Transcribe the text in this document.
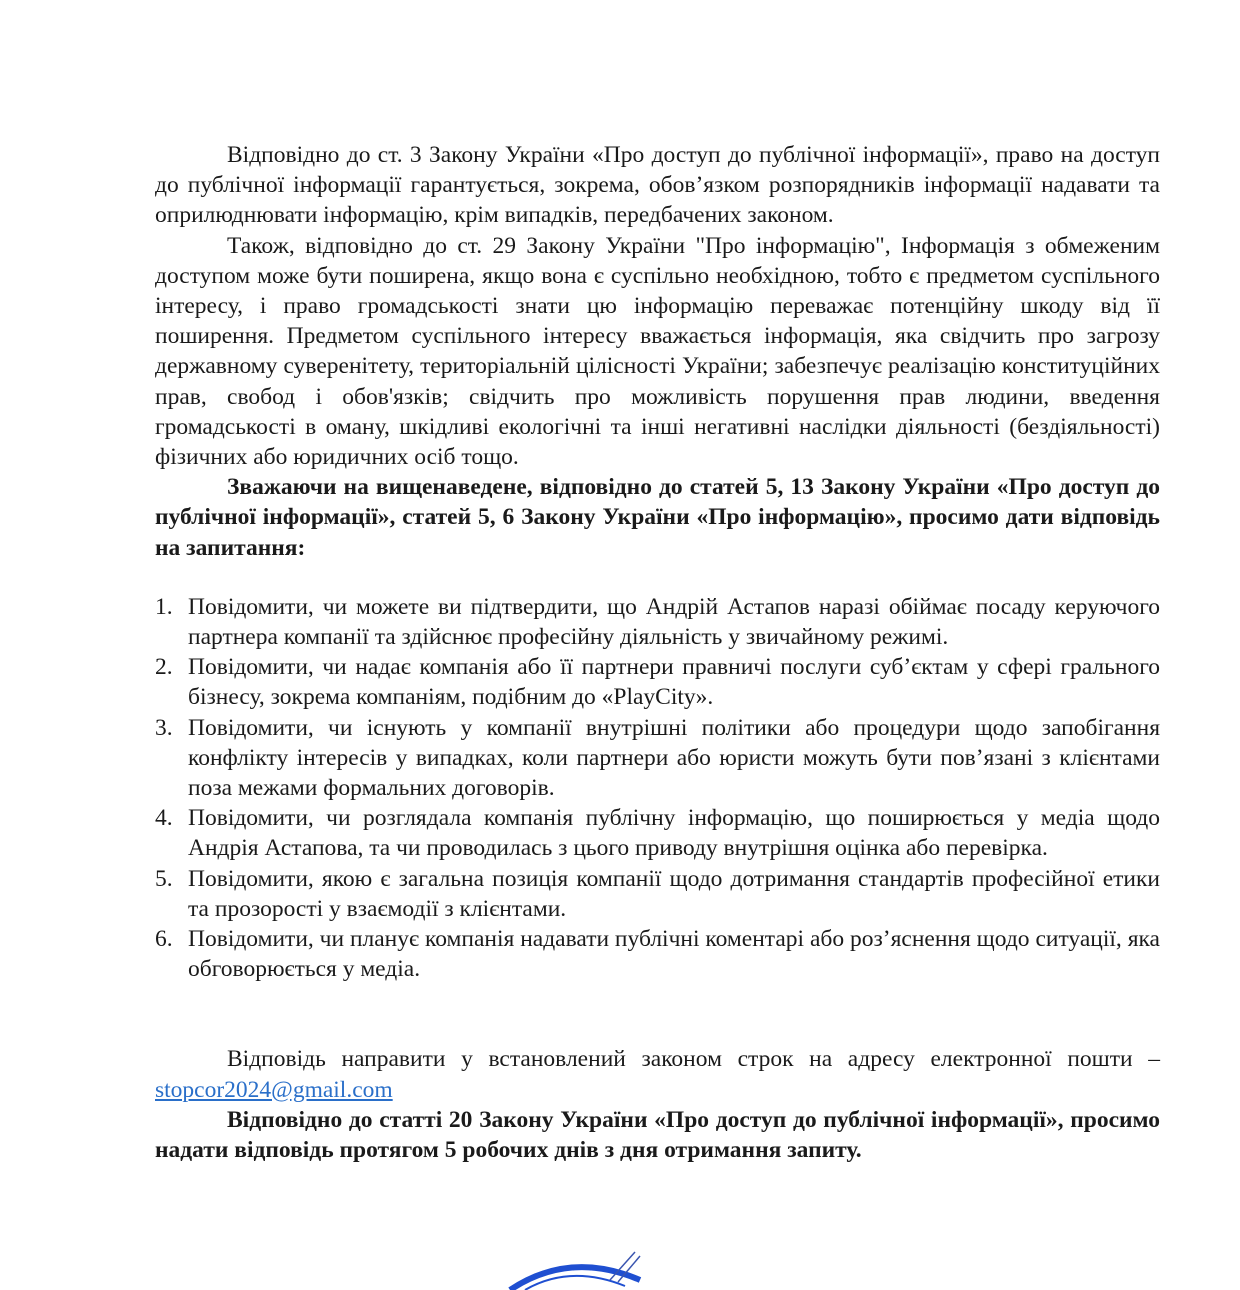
Відповідно до ст. 3 Закону України «Про доступ до публічної інформації», право на доступ до публічної інформації гарантується, зокрема, обов’язком розпорядників інформації надавати та оприлюднювати інформацію, крім випадків, передбачених законом.

Також, відповідно до ст. 29 Закону України "Про інформацію", Інформація з обмеженим доступом може бути поширена, якщо вона є суспільно необхідною, тобто є предметом суспільного інтересу, і право громадськості знати цю інформацію переважає потенційну шкоду від її поширення. Предметом суспільного інтересу вважається інформація, яка свідчить про загрозу державному суверенітету, територіальній цілісності України; забезпечує реалізацію конституційних прав, свобод і обов'язків; свідчить про можливість порушення прав людини, введення громадськості в оману, шкідливі екологічні та інші негативні наслідки діяльності (бездіяльності) фізичних або юридичних осіб тощо.

Зважаючи на вищенаведене, відповідно до статей 5, 13 Закону України «Про доступ до публічної інформації», статей 5, 6 Закону України «Про інформацію», просимо дати відповідь на запитання:

1. Повідомити, чи можете ви підтвердити, що Андрій Астапов наразі обіймає посаду керуючого партнера компанії та здійснює професійну діяльність у звичайному режимі.
2. Повідомити, чи надає компанія або її партнери правничі послуги суб’єктам у сфері грального бізнесу, зокрема компаніям, подібним до «PlayCity».
3. Повідомити, чи існують у компанії внутрішні політики або процедури щодо запобігання конфлікту інтересів у випадках, коли партнери або юристи можуть бути пов’язані з клієнтами поза межами формальних договорів.
4. Повідомити, чи розглядала компанія публічну інформацію, що поширюється у медіа щодо Андрія Астапова, та чи проводилась з цього приводу внутрішня оцінка або перевірка.
5. Повідомити, якою є загальна позиція компанії щодо дотримання стандартів професійної етики та прозорості у взаємодії з клієнтами.
6. Повідомити, чи планує компанія надавати публічні коментарі або роз’яснення щодо ситуації, яка обговорюється у медіа.

Відповідь направити у встановлений законом строк на адресу електронної пошти – stopcor2024@gmail.com

Відповідно до статті 20 Закону України «Про доступ до публічної інформації», просимо надати відповідь протягом 5 робочих днів з дня отримання запиту.
